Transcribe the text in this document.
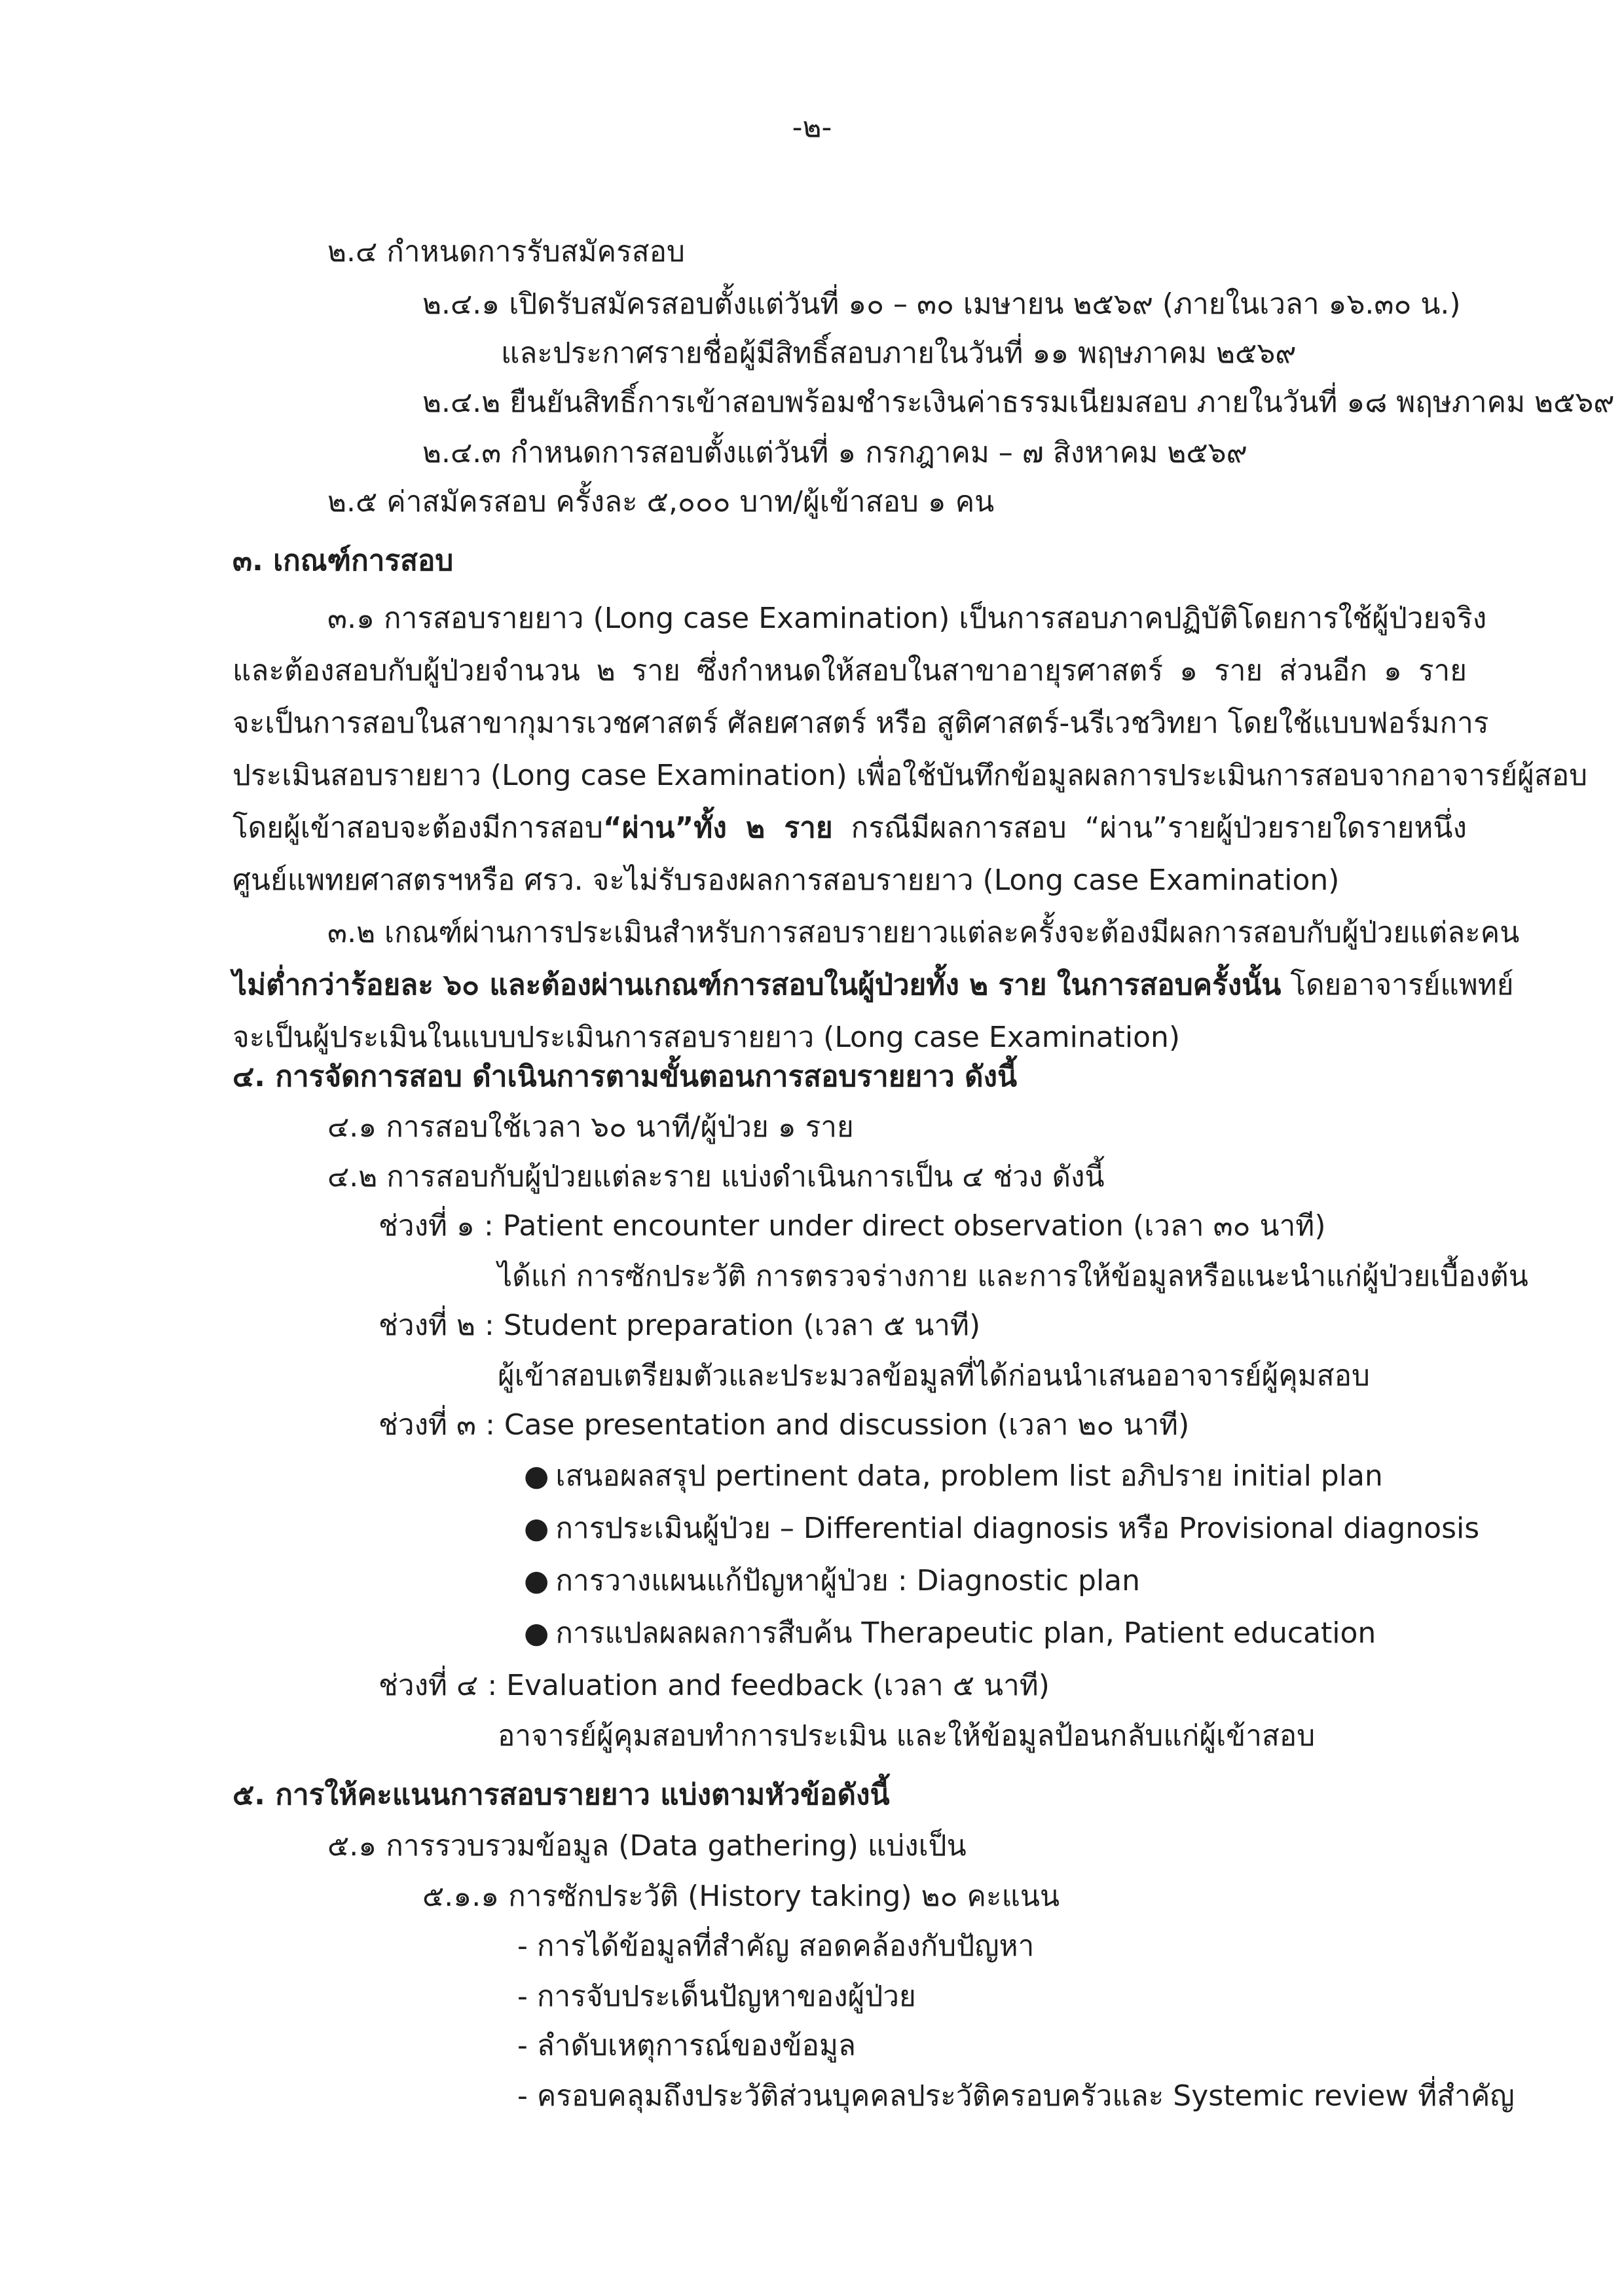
-๒-
๒.๔ กำหนดการรับสมัครสอบ
๒.๔.๑ เปิดรับสมัครสอบตั้งแต่วันที่ ๑๐ – ๓๐ เมษายน ๒๕๖๙ (ภายในเวลา ๑๖.๓๐ น.)
และประกาศรายชื่อผู้มีสิทธิ์สอบภายในวันที่ ๑๑ พฤษภาคม ๒๕๖๙
๒.๔.๒ ยืนยันสิทธิ์การเข้าสอบพร้อมชำระเงินค่าธรรมเนียมสอบ ภายในวันที่ ๑๘ พฤษภาคม ๒๕๖๙
๒.๔.๓ กำหนดการสอบตั้งแต่วันที่ ๑ กรกฎาคม – ๗ สิงหาคม ๒๕๖๙
๒.๕ ค่าสมัครสอบ ครั้งละ ๕,๐๐๐ บาท/ผู้เข้าสอบ ๑ คน
๓. เกณฑ์การสอบ
๓.๑ การสอบรายยาว (Long case Examination) เป็นการสอบภาคปฏิบัติโดยการใช้ผู้ป่วยจริง
และต้องสอบกับผู้ป่วยจำนวน ๒ ราย ซึ่งกำหนดให้สอบในสาขาอายุรศาสตร์ ๑ ราย ส่วนอีก ๑ ราย
จะเป็นการสอบในสาขากุมารเวชศาสตร์ ศัลยศาสตร์ หรือ สูติศาสตร์-นรีเวชวิทยา โดยใช้แบบฟอร์มการ
ประเมินสอบรายยาว (Long case Examination) เพื่อใช้บันทึกข้อมูลผลการประเมินการสอบจากอาจารย์ผู้สอบ
โดยผู้เข้าสอบจะต้องมีการสอบ“ผ่าน”ทั้ง ๒ ราย กรณีมีผลการสอบ “ผ่าน”รายผู้ป่วยรายใดรายหนึ่ง
ศูนย์แพทยศาสตรฯหรือ ศรว. จะไม่รับรองผลการสอบรายยาว (Long case Examination)
๓.๒ เกณฑ์ผ่านการประเมินสำหรับการสอบรายยาวแต่ละครั้งจะต้องมีผลการสอบกับผู้ป่วยแต่ละคน
ไม่ต่ำกว่าร้อยละ ๖๐ และต้องผ่านเกณฑ์การสอบในผู้ป่วยทั้ง ๒ ราย ในการสอบครั้งนั้น โดยอาจารย์แพทย์
จะเป็นผู้ประเมินในแบบประเมินการสอบรายยาว (Long case Examination)
๔. การจัดการสอบ ดำเนินการตามขั้นตอนการสอบรายยาว ดังนี้
๔.๑ การสอบใช้เวลา ๖๐ นาที/ผู้ป่วย ๑ ราย
๔.๒ การสอบกับผู้ป่วยแต่ละราย แบ่งดำเนินการเป็น ๔ ช่วง ดังนี้
ช่วงที่ ๑ : Patient encounter under direct observation (เวลา ๓๐ นาที)
ได้แก่ การซักประวัติ การตรวจร่างกาย และการให้ข้อมูลหรือแนะนำแก่ผู้ป่วยเบื้องต้น
ช่วงที่ ๒ : Student preparation (เวลา ๕ นาที)
ผู้เข้าสอบเตรียมตัวและประมวลข้อมูลที่ได้ก่อนนำเสนออาจารย์ผู้คุมสอบ
ช่วงที่ ๓ : Case presentation and discussion (เวลา ๒๐ นาที)
● เสนอผลสรุป pertinent data, problem list อภิปราย initial plan
● การประเมินผู้ป่วย – Differential diagnosis หรือ Provisional diagnosis
● การวางแผนแก้ปัญหาผู้ป่วย : Diagnostic plan
● การแปลผลผลการสืบค้น Therapeutic plan, Patient education
ช่วงที่ ๔ : Evaluation and feedback (เวลา ๕ นาที)
อาจารย์ผู้คุมสอบทำการประเมิน และให้ข้อมูลป้อนกลับแก่ผู้เข้าสอบ
๕. การให้คะแนนการสอบรายยาว แบ่งตามหัวข้อดังนี้
๕.๑ การรวบรวมข้อมูล (Data gathering) แบ่งเป็น
๕.๑.๑ การซักประวัติ (History taking) ๒๐ คะแนน
- การได้ข้อมูลที่สำคัญ สอดคล้องกับปัญหา
- การจับประเด็นปัญหาของผู้ป่วย
- ลำดับเหตุการณ์ของข้อมูล
- ครอบคลุมถึงประวัติส่วนบุคคลประวัติครอบครัวและ Systemic review ที่สำคัญ
